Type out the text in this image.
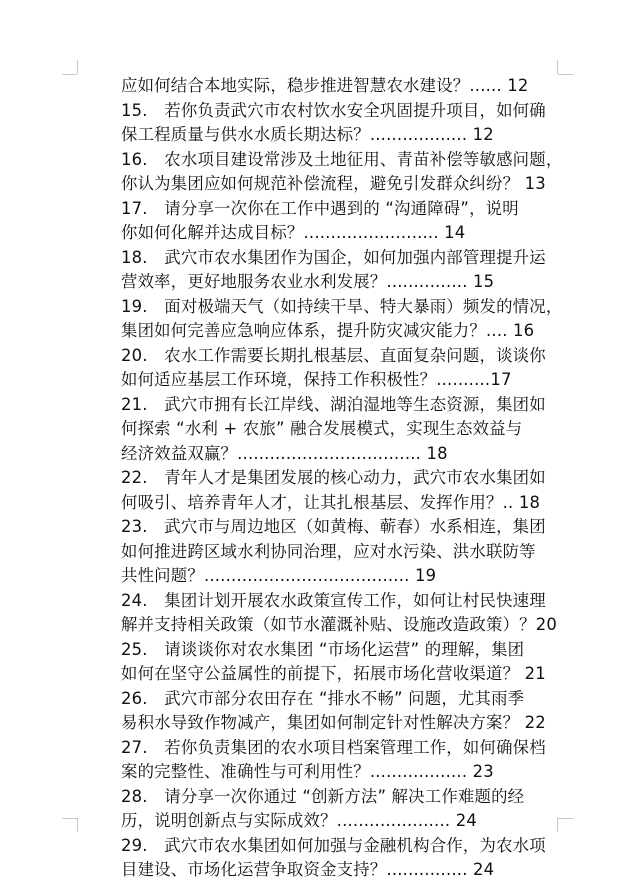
应如何结合本地实际，稳步推进智慧农水建设？...... 12
15.　若你负责武穴市农村饮水安全巩固提升项目，如何确
保工程质量与供水水质长期达标？.................. 12
16.　农水项目建设常涉及土地征用、青苗补偿等敏感问题，
你认为集团应如何规范补偿流程，避免引发群众纠纷？ 13
17.　请分享一次你在工作中遇到的 “沟通障碍”，说明
你如何化解并达成目标？......................... 14
18.　武穴市农水集团作为国企，如何加强内部管理提升运
营效率，更好地服务农业水利发展？............... 15
19.　面对极端天气（如持续干旱、特大暴雨）频发的情况，
集团如何完善应急响应体系，提升防灾减灾能力？.... 16
20.　农水工作需要长期扎根基层、直面复杂问题，谈谈你
如何适应基层工作环境，保持工作积极性？..........17
21.　武穴市拥有长江岸线、湖泊湿地等生态资源，集团如
何探索 “水利 + 农旅” 融合发展模式，实现生态效益与
经济效益双赢？.................................. 18
22.　青年人才是集团发展的核心动力，武穴市农水集团如
何吸引、培养青年人才，让其扎根基层、发挥作用？.. 18
23.　武穴市与周边地区（如黄梅、蕲春）水系相连，集团
如何推进跨区域水利协同治理，应对水污染、洪水联防等
共性问题？...................................... 19
24.　集团计划开展农水政策宣传工作，如何让村民快速理
解并支持相关政策（如节水灌溉补贴、设施改造政策）？20
25.　请谈谈你对农水集团 “市场化运营” 的理解，集团
如何在坚守公益属性的前提下，拓展市场化营收渠道？ 21
26.　武穴市部分农田存在 “排水不畅” 问题，尤其雨季
易积水导致作物减产，集团如何制定针对性解决方案？ 22
27.　若你负责集团的农水项目档案管理工作，如何确保档
案的完整性、准确性与可利用性？.................. 23
28.　请分享一次你通过 “创新方法” 解决工作难题的经
历，说明创新点与实际成效？..................... 24
29.　武穴市农水集团如何加强与金融机构合作，为农水项
目建设、市场化运营争取资金支持？............... 24
